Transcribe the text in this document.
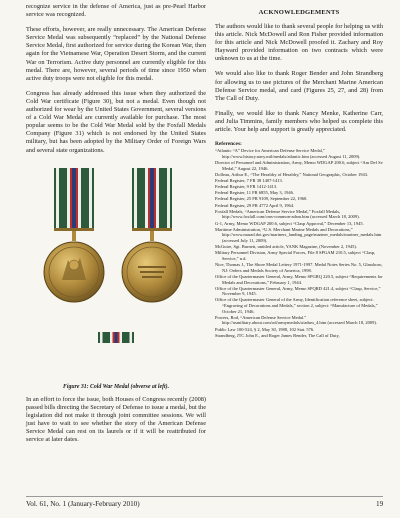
recognize service in the defense of America, just as pre-Pearl Harbor service was recognized.

These efforts, however, are really unnecessary. The American Defense Service Medal was subsequently “replaced” by the National Defense Service Medal, first authorized for service during the Korean War, then again for the Vietnamese War, Operation Desert Storm, and the current War on Terrorism. Active duty personnel are currently eligible for this medal. There are, however, several periods of time since 1950 when active duty troops were not eligible for this medal.

Congress has already addressed this issue when they authorized the Cold War certificate (Figure 30), but not a medal. Even though not authorized for wear by the United States Government, several versions of a Cold War Medal are currently available for purchase. The most popular seems to be the Cold War Medal sold by the Foxfall Medals Company (Figure 31) which is not endorsed by the United States military, but has been adopted by the Military Order of Foreign Wars and several state organizations.

Figure 31: Cold War Medal (obverse at left).

In an effort to force the issue, both Houses of Congress recently (2008) passed bills directing the Secretary of Defense to issue a medal, but the legislation did not make it through joint committee sessions. We will just have to wait to see whether the story of the American Defense Service Medal can rest on its laurels or if it will be reattributed for service at later dates.

ACKNOWLEDGEMENTS

The authors would like to thank several people for helping us with this article. Nick McDowell and Ron Fisher provided information for this article and Nick McDowell proofed it. Zachary and Roy Hayward provided information on two contracts which were unknown to us at the time.

We would also like to thank Roger Bender and John Strandberg for allowing us to use pictures of the Merchant Marine American Defense Service medal, and card (Figures 25, 27, and 28) from The Call of Duty.

Finally, we would like to thank Nancy Menke, Katherine Carr, and Julia Timmins, family members who helped us complete this article. Your help and support is greatly appreciated.

References:
“Atlantic “A” Device for American Defense Service Medal,” http://www.history.navy.mil/medals/atlantic.htm (accessed August 11, 2009).
Director of Personnel and Administration, Army, Memo WDGAP 200.6, subject “Am Def Sv Medal,” August 22, 1946.
Dolleau, Arthur E., “The Heraldry of Heraldry,” National Geographic, October 1943.
Federal Register, 7 FR 38 1407-1413.
Federal Register, 9 FR 1412-1413.
Federal Register, 11 FR 6855, May 3, 1946.
Federal Register, 25 FR 9109, September 22, 1960.
Federal Register, 29 FR 4772 April 9, 1964.
Foxfall Medals, “American Defense Service Medal,” Foxfall Medals, http://www.foxfall.com/cms-common-adsm.htm (accessed March 18, 2009).
G-1, Army, Memo WDGAP 200.6, subject “Clasp Approval,” December 13, 1945.
Maritime Administration, “U.S. Merchant Marine Medals and Decorations,” http://www.marad.dot.gov/mariners_landing_page/mariner_medals/mariner_medals.htm (accessed July 11, 2009).
McGuire, Sgt. Burnett, untitled article, YANK Magazine, (November 2, 1945).
Military Personnel Division, Army Special Forces, File 8 SPGAM 210.5, subject “Clasp, Service,” n.d.
Nice, Thomas J., The Shore Medal Lettery 1971-1997. Medal Notes Series No. 5, Glassboro, NJ: Orders and Medals Society of America, 1998.
Office of the Quartermaster General, Army, Memo SPGRQ 220.5, subject “Requirements for Medals and Decorations,” February 1, 1944.
Office of the Quartermaster General, Army, Memo SPQRD 421.4, subject “Clasp, Service,” November 9, 1945.
Office of the Quartermaster General of the Army, Identification reference sheet, subject: “Engraving of Decorations and Medals,” section 2, subject: “Manufacture of Medals,” October 21, 1946.
Powers, Rod, “American Defense Service Medal.” http://usmilitary.about.com/od/armymedals/a/adsm_4.htm (accessed March 18, 2009).
Public Law 100-524, § 2, May 30, 1988, 102 Stat. 576.
Strandberg, JTC John E., and Roger James Bender, The Call of Duty,
Vol. 61, No. 1 (January-February 2010)	19
